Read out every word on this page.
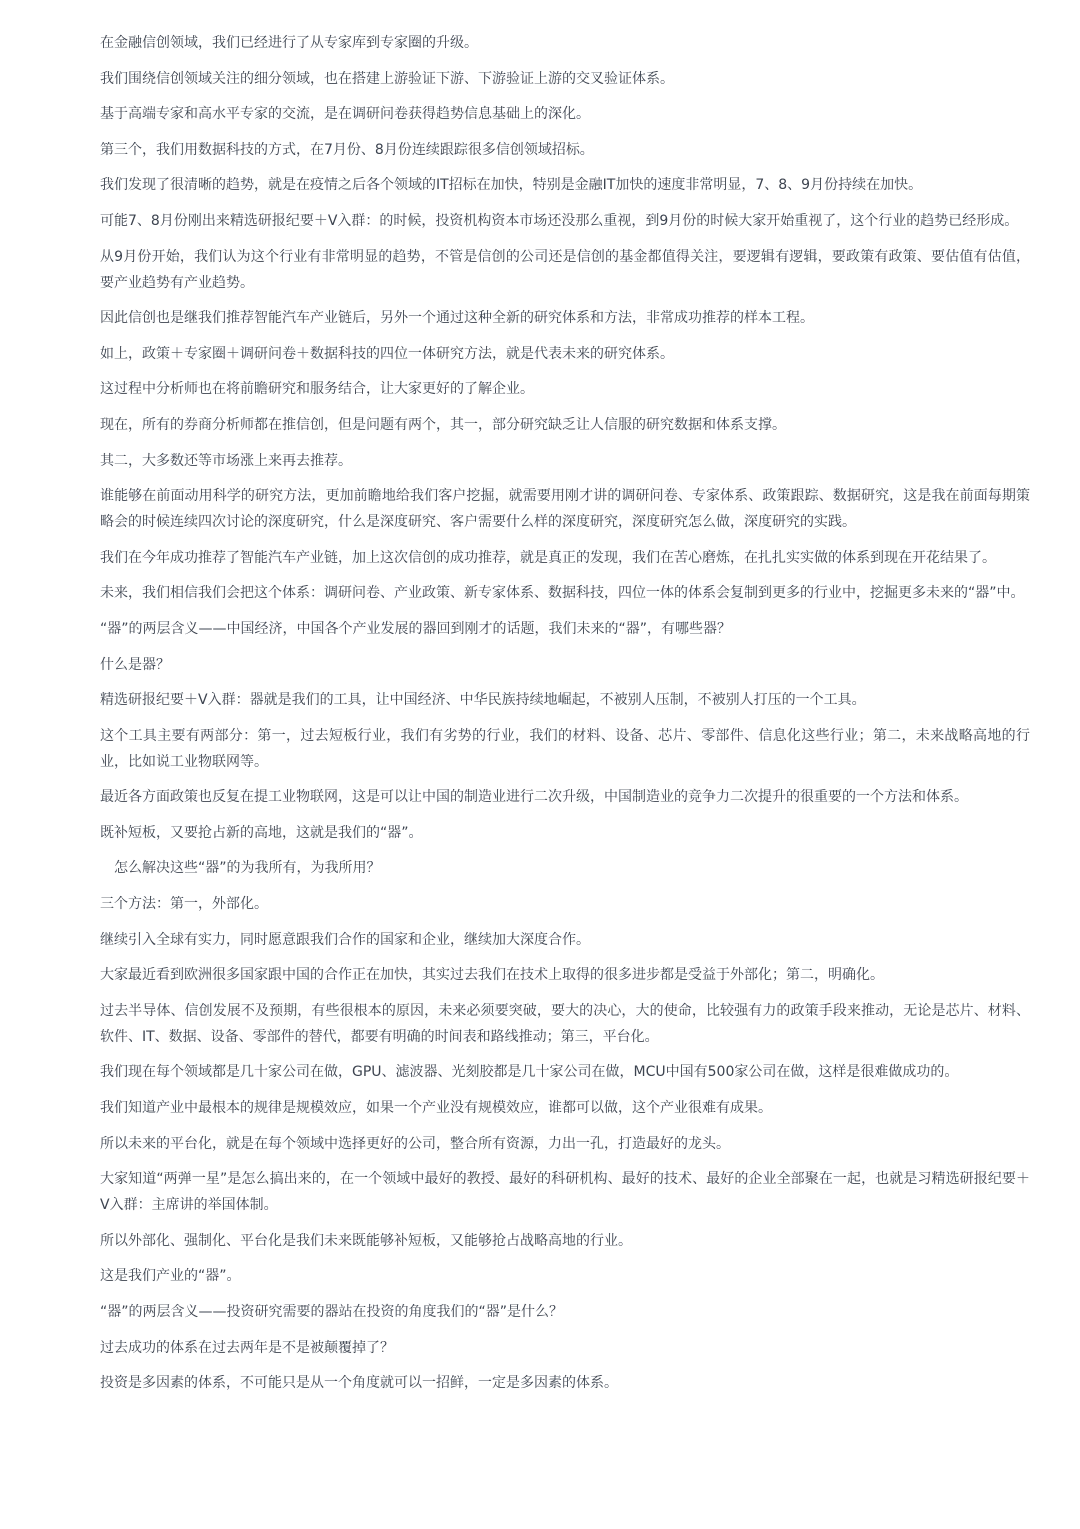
在金融信创领域，我们已经进行了从专家库到专家圈的升级。

我们围绕信创领域关注的细分领域，也在搭建上游验证下游、下游验证上游的交叉验证体系。

基于高端专家和高水平专家的交流，是在调研问卷获得趋势信息基础上的深化。

第三个，我们用数据科技的方式，在7月份、8月份连续跟踪很多信创领域招标。

我们发现了很清晰的趋势，就是在疫情之后各个领域的IT招标在加快，特别是金融IT加快的速度非常明显，7、8、9月份持续在加快。

可能7、8月份刚出来精选研报纪要＋V入群：的时候，投资机构资本市场还没那么重视，到9月份的时候大家开始重视了，这个行业的趋势已经形成。

从9月份开始，我们认为这个行业有非常明显的趋势，不管是信创的公司还是信创的基金都值得关注，要逻辑有逻辑，要政策有政策、要估值有估值，要产业趋势有产业趋势。

因此信创也是继我们推荐智能汽车产业链后，另外一个通过这种全新的研究体系和方法，非常成功推荐的样本工程。

如上，政策＋专家圈＋调研问卷＋数据科技的四位一体研究方法，就是代表未来的研究体系。

这过程中分析师也在将前瞻研究和服务结合，让大家更好的了解企业。

现在，所有的券商分析师都在推信创，但是问题有两个，其一，部分研究缺乏让人信服的研究数据和体系支撑。

其二，大多数还等市场涨上来再去推荐。

谁能够在前面动用科学的研究方法，更加前瞻地给我们客户挖掘，就需要用刚才讲的调研问卷、专家体系、政策跟踪、数据研究，这是我在前面每期策略会的时候连续四次讨论的深度研究，什么是深度研究、客户需要什么样的深度研究，深度研究怎么做，深度研究的实践。

我们在今年成功推荐了智能汽车产业链，加上这次信创的成功推荐，就是真正的发现，我们在苦心磨炼，在扎扎实实做的体系到现在开花结果了。

未来，我们相信我们会把这个体系：调研问卷、产业政策、新专家体系、数据科技，四位一体的体系会复制到更多的行业中，挖掘更多未来的“器”中。

“器”的两层含义——中国经济，中国各个产业发展的器回到刚才的话题，我们未来的“器”，有哪些器？

什么是器？

精选研报纪要＋V入群：器就是我们的工具，让中国经济、中华民族持续地崛起，不被别人压制，不被别人打压的一个工具。

这个工具主要有两部分：第一，过去短板行业，我们有劣势的行业，我们的材料、设备、芯片、零部件、信息化这些行业；第二，未来战略高地的行业，比如说工业物联网等。

最近各方面政策也反复在提工业物联网，这是可以让中国的制造业进行二次升级，中国制造业的竞争力二次提升的很重要的一个方法和体系。

既补短板，又要抢占新的高地，这就是我们的“器”。

　怎么解决这些“器”的为我所有，为我所用？

三个方法：第一，外部化。

继续引入全球有实力，同时愿意跟我们合作的国家和企业，继续加大深度合作。

大家最近看到欧洲很多国家跟中国的合作正在加快，其实过去我们在技术上取得的很多进步都是受益于外部化；第二，明确化。

过去半导体、信创发展不及预期，有些很根本的原因，未来必须要突破，要大的决心，大的使命，比较强有力的政策手段来推动，无论是芯片、材料、软件、IT、数据、设备、零部件的替代，都要有明确的时间表和路线推动；第三，平台化。

我们现在每个领域都是几十家公司在做，GPU、滤波器、光刻胶都是几十家公司在做，MCU中国有500家公司在做，这样是很难做成功的。

我们知道产业中最根本的规律是规模效应，如果一个产业没有规模效应，谁都可以做，这个产业很难有成果。

所以未来的平台化，就是在每个领域中选择更好的公司，整合所有资源，力出一孔，打造最好的龙头。

大家知道“两弹一星”是怎么搞出来的，在一个领域中最好的教授、最好的科研机构、最好的技术、最好的企业全部聚在一起，也就是习精选研报纪要＋V入群：主席讲的举国体制。

所以外部化、强制化、平台化是我们未来既能够补短板，又能够抢占战略高地的行业。

这是我们产业的“器”。

“器”的两层含义——投资研究需要的器站在投资的角度我们的“器”是什么？

过去成功的体系在过去两年是不是被颠覆掉了？

投资是多因素的体系，不可能只是从一个角度就可以一招鲜，一定是多因素的体系。
